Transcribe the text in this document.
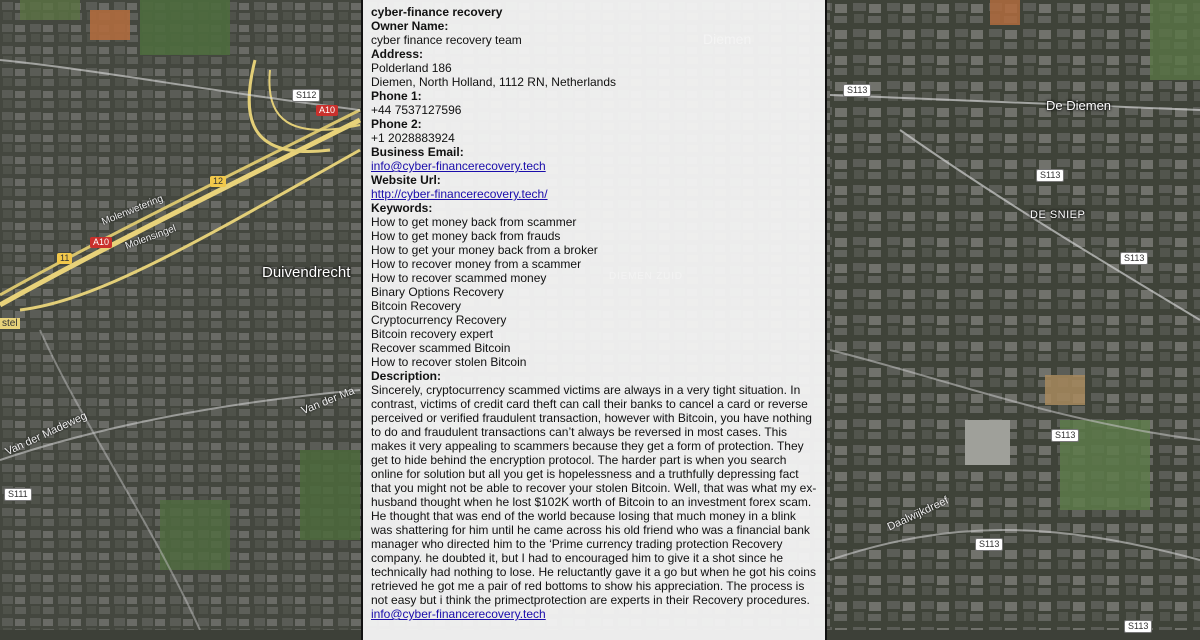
Duivendrecht
De Diemen
DE SNIEP
Molenwetering
Molensingel
Van der Madeweg
Van der Ma
Daalwijkdreef
stel
S112
A10
A10
12
11
S113
S113
S113
S113
S113
S113
S111
cyber-finance recovery
Owner Name:
cyber finance recovery team
Address:
Polderland 186
Diemen, North Holland, 1112 RN, Netherlands
Phone 1:
+44 7537127596
Phone 2:
+1 2028883924
Business Email:
info@cyber-financerecovery.tech
Website Url:
http://cyber-financerecovery.tech/
Keywords:
How to get money back from scammer
How to get money back from frauds
How to get your money back from a broker
How to recover money from a scammer
How to recover scammed money
Binary Options Recovery
Bitcoin Recovery
Cryptocurrency Recovery
Bitcoin recovery expert
Recover scammed Bitcoin
How to recover stolen Bitcoin
Description:
Sincerely, cryptocurrency scammed victims are always in a very tight situation. In contrast, victims of credit card theft can call their banks to cancel a card or reverse perceived or verified fraudulent transaction, however with Bitcoin, you have nothing to do and fraudulent transactions can’t always be reversed in most cases. This makes it very appealing to scammers because they get a form of protection. They get to hide behind the encryption protocol. The harder part is when you search online for solution but all you get is hopelessness and a truthfully depressing fact that you might not be able to recover your stolen Bitcoin. Well, that was what my ex-husband thought when he lost $102K worth of Bitcoin to an investment forex scam. He thought that was end of the world because losing that much money in a blink was shattering for him until he came across his old friend who was a financial bank manager who directed him to the ‘Prime currency trading protection Recovery company. he doubted it, but I had to encouraged him to give it a shot since he technically had nothing to lose. He reluctantly gave it a go but when he got his coins retrieved he got me a pair of red bottoms to show his appreciation. The process is not easy but i think the primectprotection are experts in their Recovery procedures.
info@cyber-financerecovery.tech
